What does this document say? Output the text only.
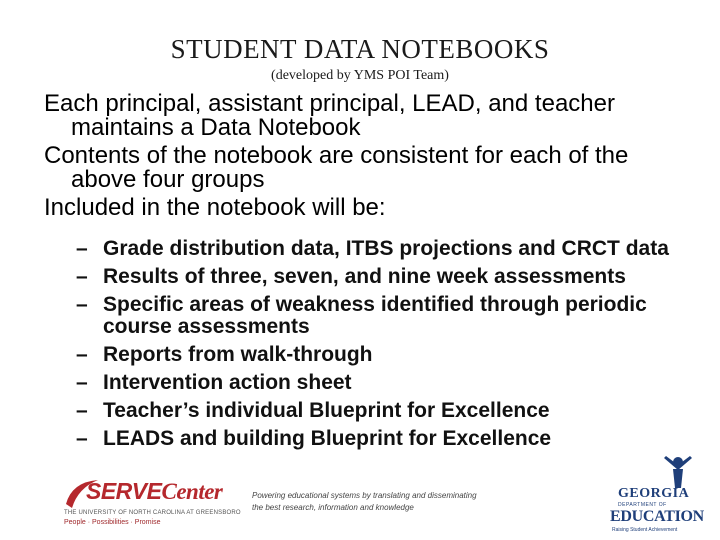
STUDENT DATA NOTEBOOKS
(developed by YMS POI Team)
Each principal, assistant principal, LEAD, and teacher maintains a Data Notebook
Contents of the notebook are consistent for each of the above four groups
Included in the notebook will be:
– Grade distribution data, ITBS projections and CRCT data
– Results of three, seven, and nine week assessments
– Specific areas of weakness identified through periodic course assessments
– Reports from walk-through
– Intervention action sheet
– Teacher’s individual Blueprint for Excellence
– LEADS and building Blueprint for Excellence
SERVECenter
THE UNIVERSITY OF NORTH CAROLINA AT GREENSBORO
People · Possibilities · Promise
Powering educational systems by translating and disseminating
the best research, information and knowledge
GEORGIA
DEPARTMENT OF
EDUCATION
Raising Student Achievement
